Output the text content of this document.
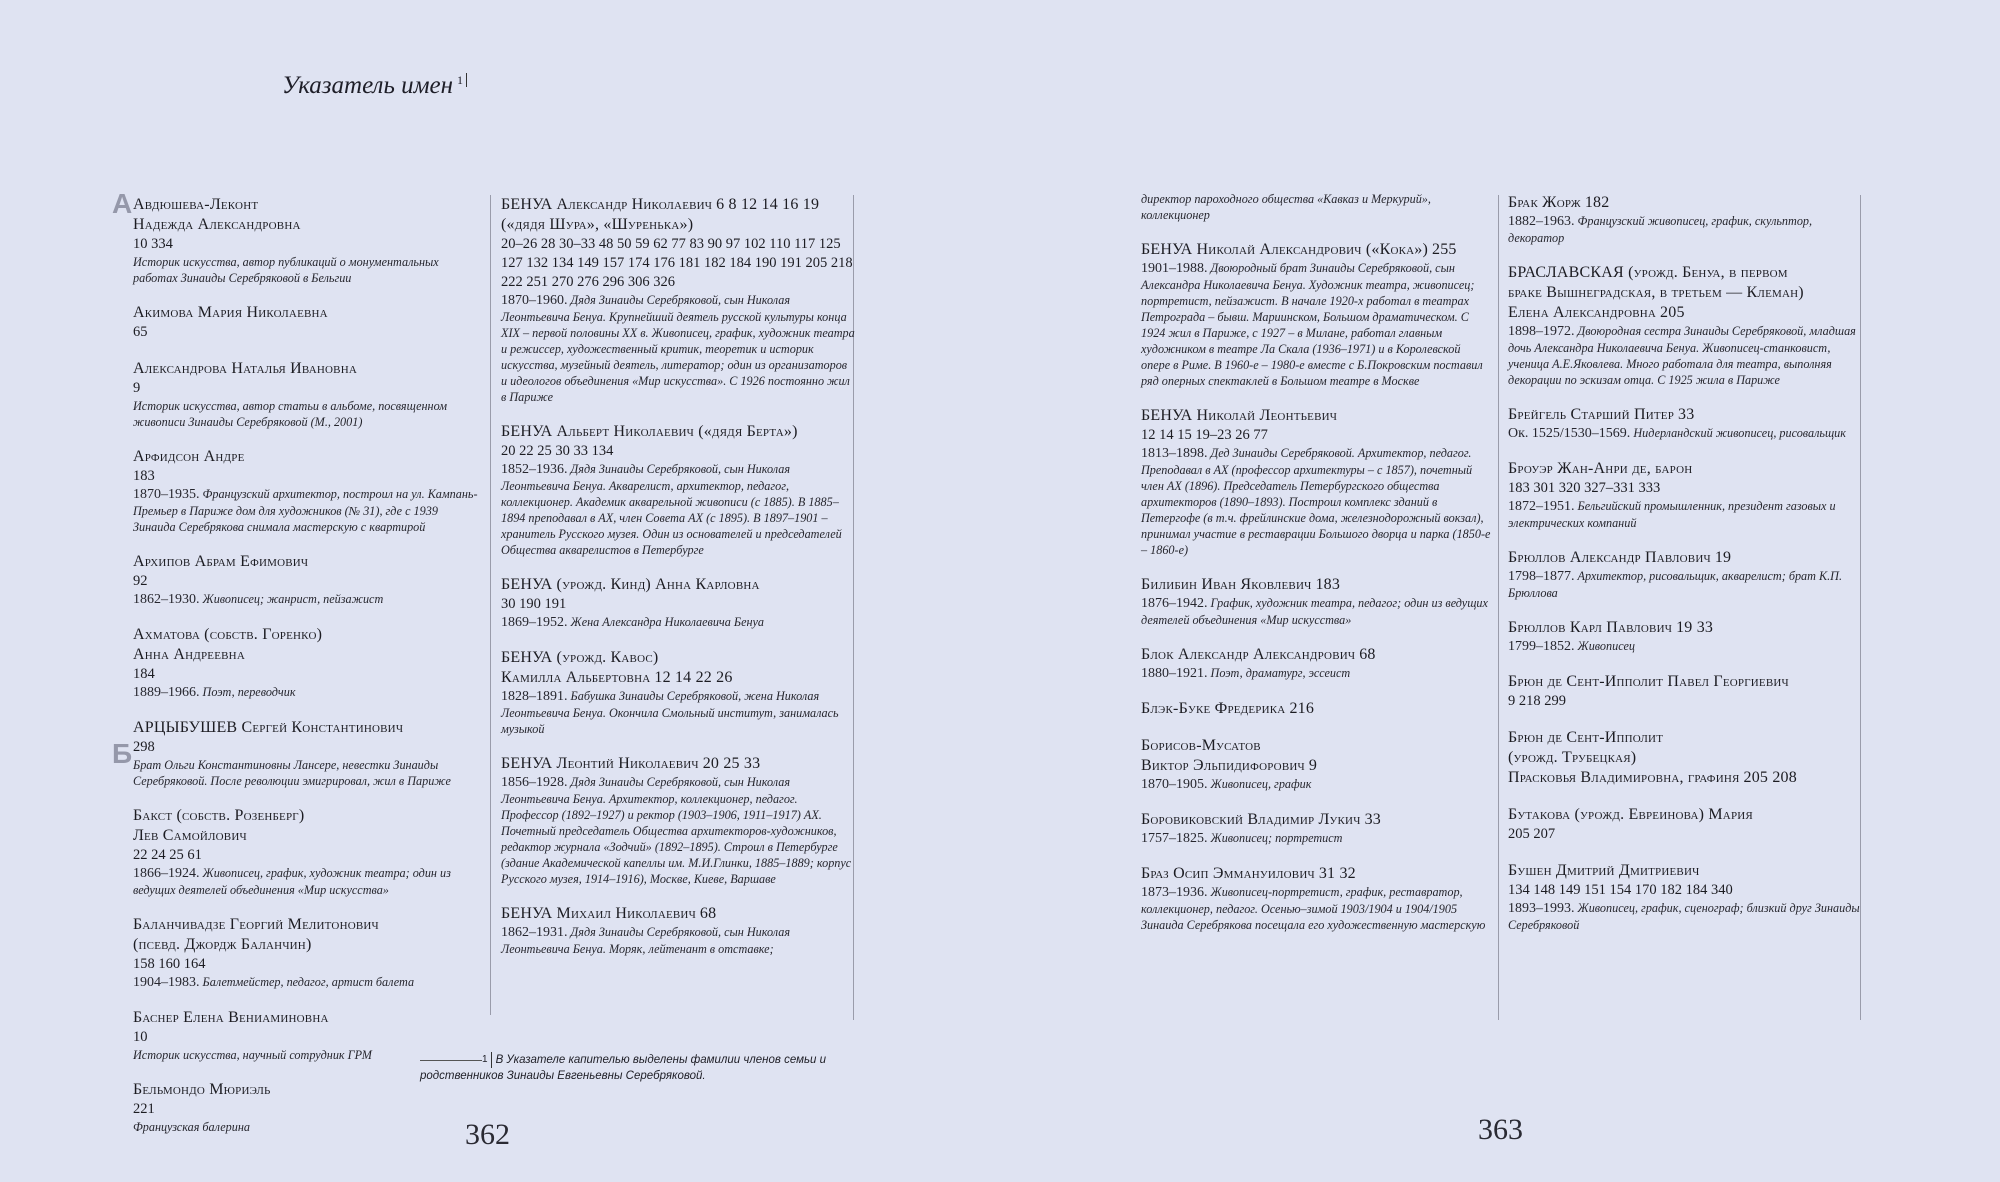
Указатель имен $^1$
А
Б
Авдюшева-Леконт
Надежда Александровна
10 334
Историк искусства, автор публикаций о монументальных работах Зинаиды Серебряковой в Бельгии
Акимова Мария Николаевна
65
Александрова Наталья Ивановна
9
Историк искусства, автор статьи в альбоме, посвященном живописи Зинаиды Серебряковой (М., 2001)
Арфидсон Андре
183
1870–1935. Французский архитектор, построил на ул. Кампань-Премьер в Париже дом для художников (№ 31), где с 1939 Зинаида Серебрякова снимала мастерскую с квартирой
Архипов Абрам Ефимович
92
1862–1930. Живописец; жанрист, пейзажист
Ахматова (собств. Горенко)
Анна Андреевна
184
1889–1966. Поэт, переводчик
АРЦЫБУШЕВ Сергей Константинович
298
Брат Ольги Константиновны Лансере, невестки Зинаиды Серебряковой. После революции эмигрировал, жил в Париже
Бакст (собств. Розенберг)
Лев Самойлович
22 24 25 61
1866–1924. Живописец, график, художник театра; один из ведущих деятелей объединения «Мир искусства»
Баланчивадзе Георгий Мелитонович
(псевд. Джордж Баланчин)
158 160 164
1904–1983. Балетмейстер, педагог, артист балета
Баснер Елена Вениаминовна
10
Историк искусства, научный сотрудник ГРМ
Бельмондо Мюриэль
221
Французская балерина
БЕНУА Александр Николаевич 6 8 12 14 16 19
(«дядя Шура», «Шуренька»)
20–26 28 30–33 48 50 59 62 77 83 90 97 102 110 117 125 127 132 134 149 157 174 176 181 182 184 190 191 205 218 222 251 270 276 296 306 326
1870–1960. Дядя Зинаиды Серебряковой, сын Николая Леонтьевича Бенуа. Крупнейший деятель русской культуры конца XIX – первой половины XX в. Живописец, график, художник театра и режиссер, художественный критик, теоретик и историк искусства, музейный деятель, литератор; один из организаторов и идеологов объединения «Мир искусства». С 1926 постоянно жил в Париже
БЕНУА Альберт Николаевич («дядя Берта»)
20 22 25 30 33 134
1852–1936. Дядя Зинаиды Серебряковой, сын Николая Леонтьевича Бенуа. Акварелист, архитектор, педагог, коллекционер. Академик акварельной живописи (с 1885). В 1885–1894 преподавал в АХ, член Совета АХ (с 1895). В 1897–1901 – хранитель Русского музея. Один из основателей и председателей Общества акварелистов в Петербурге
БЕНУА (урожд. Кинд) Анна Карловна
30 190 191
1869–1952. Жена Александра Николаевича Бенуа
БЕНУА (урожд. Кавос)
Камилла Альбертовна 12 14 22 26
1828–1891. Бабушка Зинаиды Серебряковой, жена Николая Леонтьевича Бенуа. Окончила Смольный институт, занималась музыкой
БЕНУА Леонтий Николаевич 20 25 33
1856–1928. Дядя Зинаиды Серебряковой, сын Николая Леонтьевича Бенуа. Архитектор, коллекционер, педагог. Профессор (1892–1927) и ректор (1903–1906, 1911–1917) АХ. Почетный председатель Общества архитекторов-художников, редактор журнала «Зодчий» (1892–1895). Строил в Петербурге (здание Академической капеллы им. М.И.Глинки, 1885–1889; корпус Русского музея, 1914–1916), Москве, Киеве, Варшаве
БЕНУА Михаил Николаевич 68
1862–1931. Дядя Зинаиды Серебряковой, сын Николая Леонтьевича Бенуа. Моряк, лейтенант в отставке;
директор пароходного общества «Кавказ и Меркурий», коллекционер
БЕНУА Николай Александрович («Кока») 255
1901–1988. Двоюродный брат Зинаиды Серебряковой, сын Александра Николаевича Бенуа. Художник театра, живописец; портретист, пейзажист. В начале 1920-х работал в театрах Петрограда – бывш. Мариинском, Большом драматическом. С 1924 жил в Париже, с 1927 – в Милане, работал главным художником в театре Ла Скала (1936–1971) и в Королевской опере в Риме. В 1960-е – 1980-е вместе с Б.Покровским поставил ряд оперных спектаклей в Большом театре в Москве
БЕНУА Николай Леонтьевич
12 14 15 19–23 26 77
1813–1898. Дед Зинаиды Серебряковой. Архитектор, педагог. Преподавал в АХ (профессор архитектуры – с 1857), почетный член АХ (1896). Председатель Петербургского общества архитекторов (1890–1893). Построил комплекс зданий в Петергофе (в т.ч. фрейлинские дома, железнодорожный вокзал), принимал участие в реставрации Большого дворца и парка (1850-е – 1860-е)
Билибин Иван Яковлевич 183
1876–1942. График, художник театра, педагог; один из ведущих деятелей объединения «Мир искусства»
Блок Александр Александрович 68
1880–1921. Поэт, драматург, эссеист
Блэк-Буке Фредерика 216
Борисов-Мусатов
Виктор Эльпидифорович 9
1870–1905. Живописец, график
Боровиковский Владимир Лукич 33
1757–1825. Живописец; портретист
Браз Осип Эммануилович 31 32
1873–1936. Живописец-портретист, график, реставратор, коллекционер, педагог. Осенью–зимой 1903/1904 и 1904/1905 Зинаида Серебрякова посещала его художественную мастерскую
Брак Жорж 182
1882–1963. Французский живописец, график, скульптор, декоратор
БРАСЛАВСКАЯ (урожд. Бенуа, в первом
браке Вышнеградская, в третьем — Клеман)
Елена Александровна 205
1898–1972. Двоюродная сестра Зинаиды Серебряковой, младшая дочь Александра Николаевича Бенуа. Живописец-станковист, ученица А.Е.Яковлева. Много работала для театра, выполняя декорации по эскизам отца. С 1925 жила в Париже
Брейгель Старший Питер 33
Ок. 1525/1530–1569. Нидерландский живописец, рисовальщик
Броуэр Жан-Анри де, барон
183 301 320 327–331 333
1872–1951. Бельгийский промышленник, президент газовых и электрических компаний
Брюллов Александр Павлович 19
1798–1877. Архитектор, рисовальщик, акварелист; брат К.П. Брюллова
Брюллов Карл Павлович 19 33
1799–1852. Живописец
Брюн де Сент-Ипполит Павел Георгиевич
9 218 299
Брюн де Сент-Ипполит
(урожд. Трубецкая)
Прасковья Владимировна, графиня 205 208
Бутакова (урожд. Евреинова) Мария
205 207
Бушен Дмитрий Дмитриевич
134 148 149 151 154 170 182 184 340
1893–1993. Живописец, график, сценограф; близкий друг Зинаиды Серебряковой
1 В Указателе капителью выделены фамилии членов семьи и родственников Зинаиды Евгеньевны Серебряковой.
362	363
